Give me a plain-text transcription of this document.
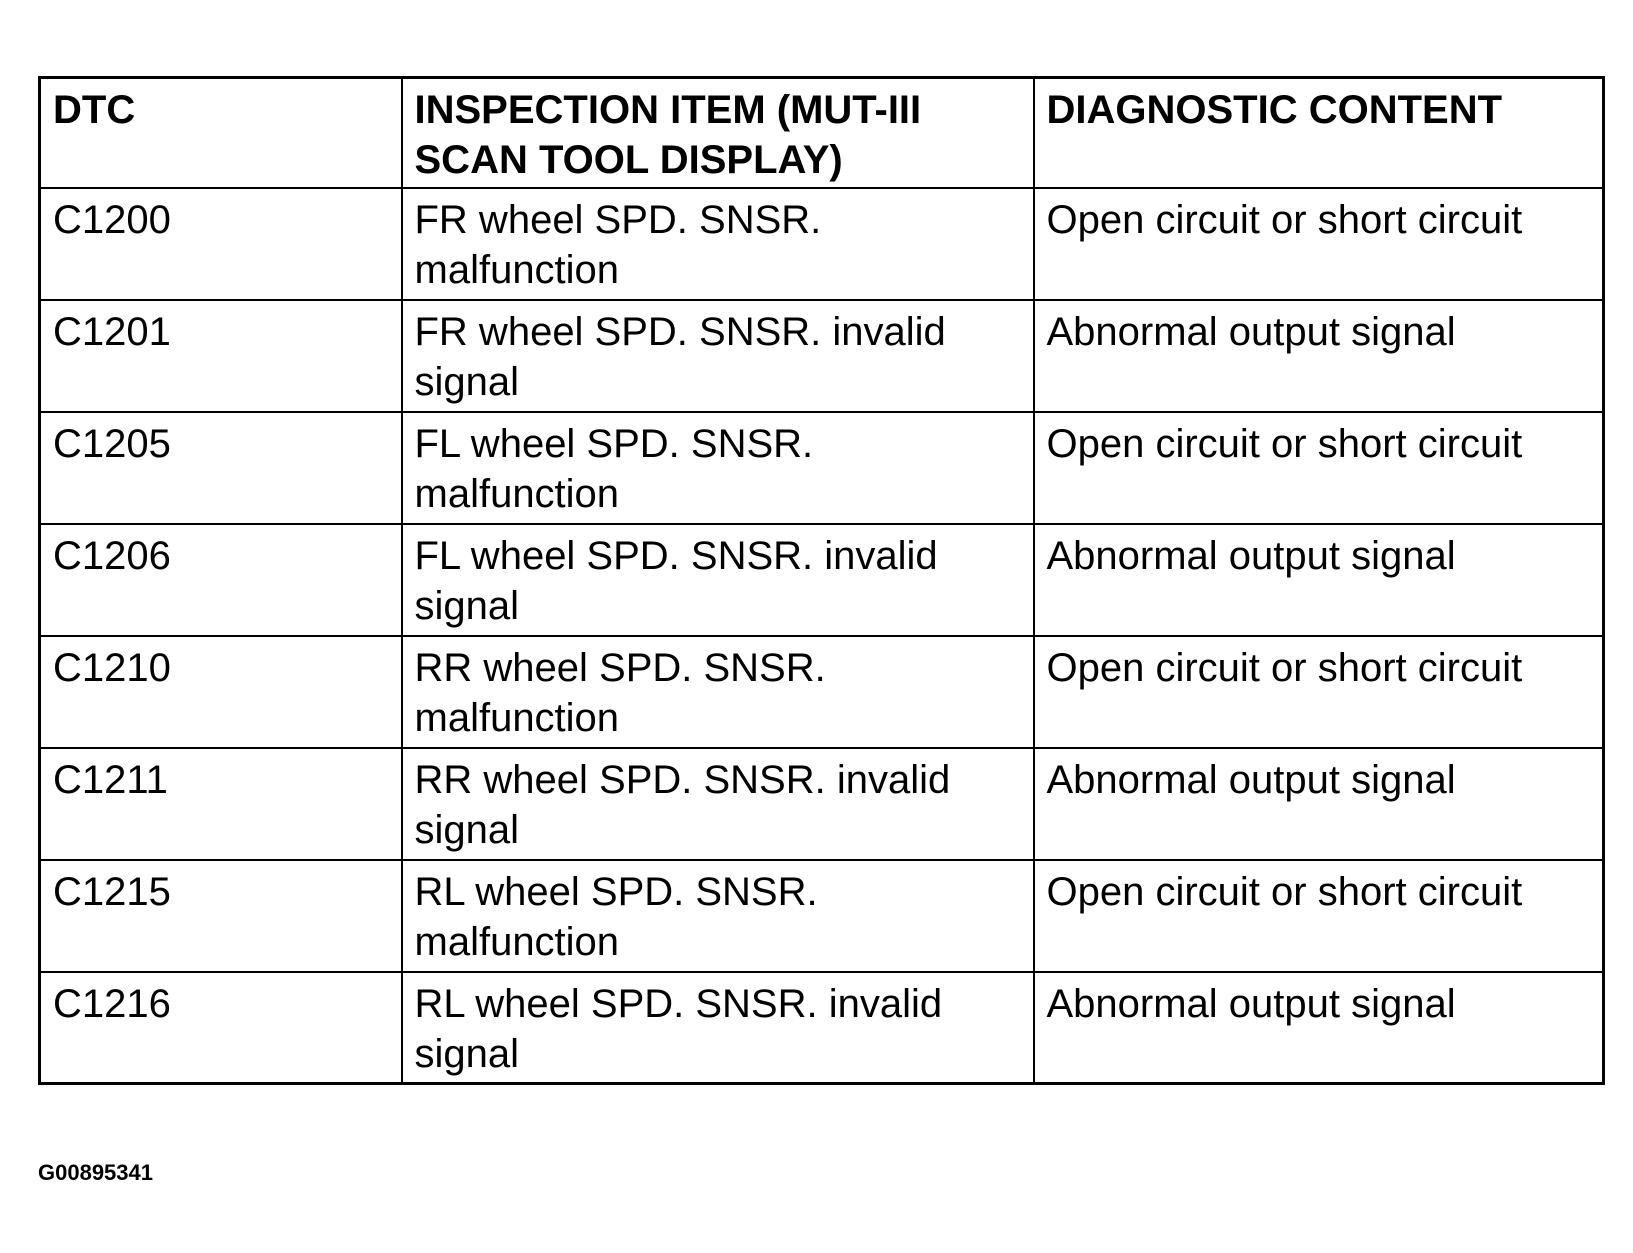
DTC	INSPECTION ITEM (MUT-III SCAN TOOL DISPLAY)	DIAGNOSTIC CONTENT
C1200	FR wheel SPD. SNSR. malfunction	Open circuit or short circuit
C1201	FR wheel SPD. SNSR. invalid signal	Abnormal output signal
C1205	FL wheel SPD. SNSR. malfunction	Open circuit or short circuit
C1206	FL wheel SPD. SNSR. invalid signal	Abnormal output signal
C1210	RR wheel SPD. SNSR. malfunction	Open circuit or short circuit
C1211	RR wheel SPD. SNSR. invalid signal	Abnormal output signal
C1215	RL wheel SPD. SNSR. malfunction	Open circuit or short circuit
C1216	RL wheel SPD. SNSR. invalid signal	Abnormal output signal
G00895341
